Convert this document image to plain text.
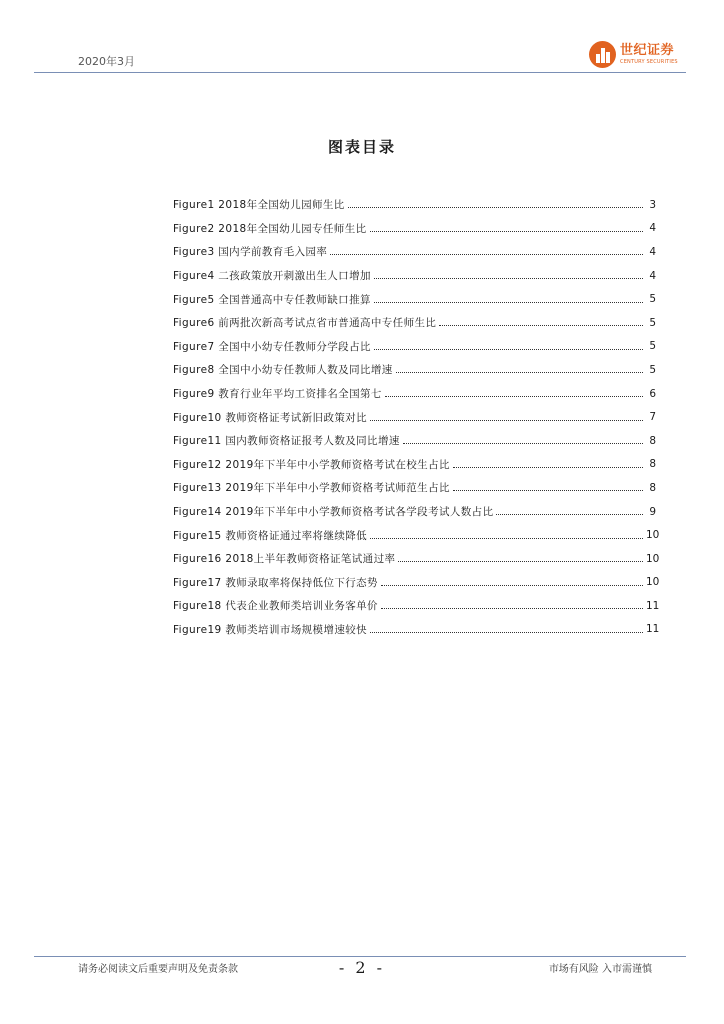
2020年3月
世纪证券
CENTURY SECURITIES
图表目录
Figure1 2018年全国幼儿园师生比	3
Figure2 2018年全国幼儿园专任师生比	4
Figure3 国内学前教育毛入园率	4
Figure4 二孩政策放开刺激出生人口增加	4
Figure5 全国普通高中专任教师缺口推算	5
Figure6 前两批次新高考试点省市普通高中专任师生比	5
Figure7 全国中小幼专任教师分学段占比	5
Figure8 全国中小幼专任教师人数及同比增速	5
Figure9 教育行业年平均工资排名全国第七	6
Figure10 教师资格证考试新旧政策对比	7
Figure11 国内教师资格证报考人数及同比增速	8
Figure12 2019年下半年中小学教师资格考试在校生占比	8
Figure13 2019年下半年中小学教师资格考试师范生占比	8
Figure14 2019年下半年中小学教师资格考试各学段考试人数占比	9
Figure15 教师资格证通过率将继续降低	10
Figure16 2018上半年教师资格证笔试通过率	10
Figure17 教师录取率将保持低位下行态势	10
Figure18 代表企业教师类培训业务客单价	11
Figure19 教师类培训市场规模增速较快	11
请务必阅读文后重要声明及免责条款	- 2 -	市场有风险 入市需谨慎
